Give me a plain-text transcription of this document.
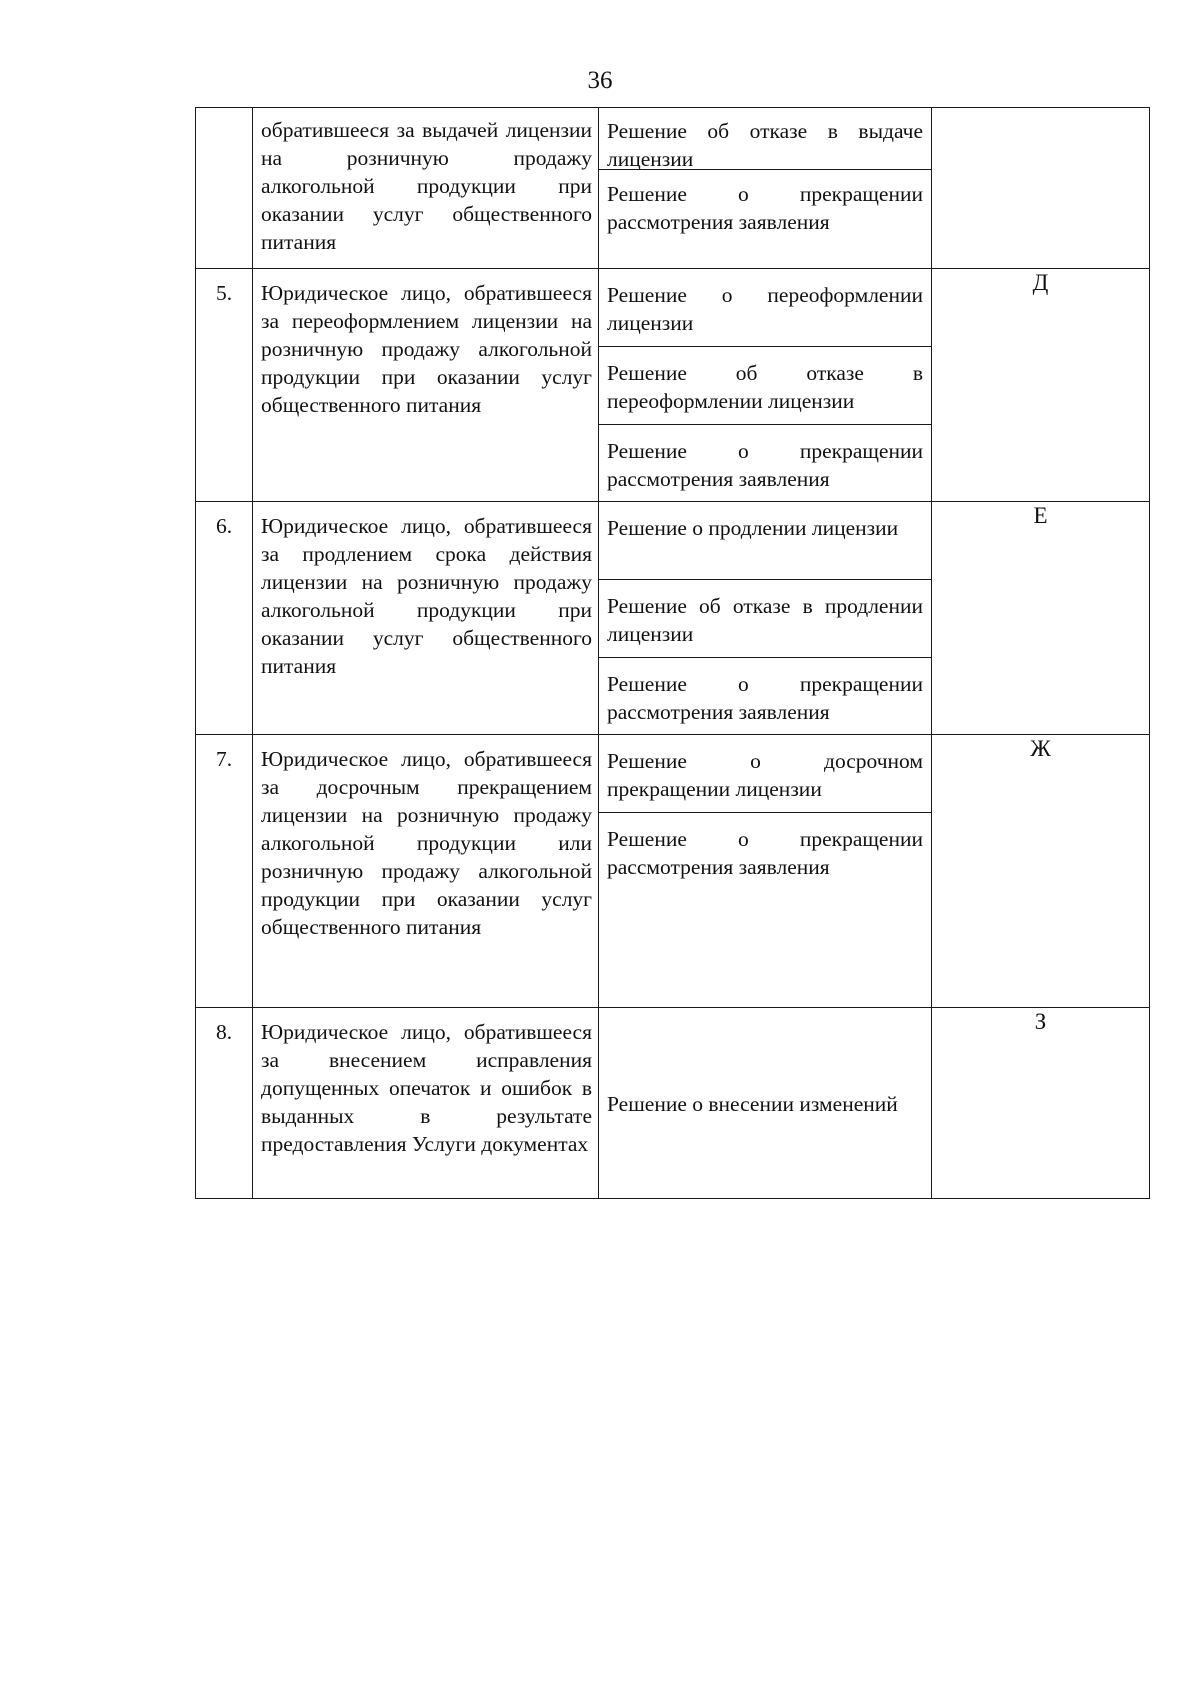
36
	обратившееся за выдачей лицензии на розничную продажу алкогольной продукции при оказании услуг общественного питания	Решение об отказе в выдаче лицензии
Решение о прекращении рассмотрения заявления	

5.	Юридическое лицо, обратившееся за переоформлением лицензии на розничную продажу алкогольной продукции при оказании услуг общественного питания	Решение о переоформлении лицензии
Решение об отказе в переоформлении лицензии
Решение о прекращении рассмотрения заявления	Д
6.	Юридическое лицо, обратившееся за продлением срока действия лицензии на розничную продажу алкогольной продукции при оказании услуг общественного питания	Решение о продлении лицензии
Решение об отказе в продлении лицензии
Решение о прекращении рассмотрения заявления	Е
7.	Юридическое лицо, обратившееся за досрочным прекращением лицензии на розничную продажу алкогольной продукции или розничную продажу алкогольной продукции при оказании услуг общественного питания	Решение о досрочном прекращении лицензии
Решение о прекращении рассмотрения заявления	Ж
8.	Юридическое лицо, обратившееся за внесением исправления допущенных опечаток и ошибок в выданных в результате предоставления Услуги документах	Решение о внесении изменений	З
